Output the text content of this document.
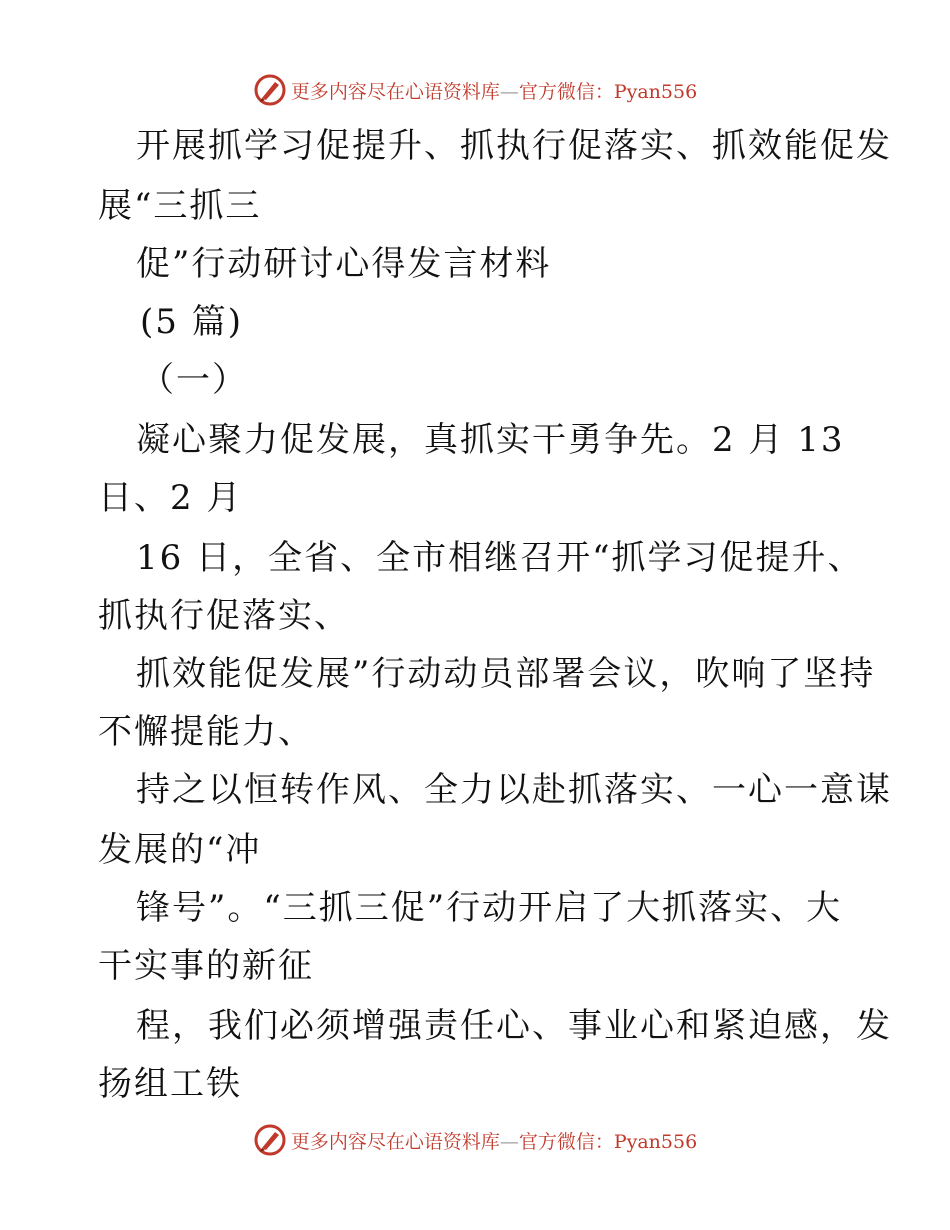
更多内容尽在心语资料库—官方微信：Pyan556
开展抓学习促提升、抓执行促落实、抓效能促发
展“三抓三
促”行动研讨心得发言材料
(5 篇)
（一）
凝心聚力促发展，真抓实干勇争先。2 月 13
日、2 月
16 日，全省、全市相继召开“抓学习促提升、
抓执行促落实、
抓效能促发展”行动动员部署会议，吹响了坚持
不懈提能力、
持之以恒转作风、全力以赴抓落实、一心一意谋
发展的“冲
锋号”。“三抓三促”行动开启了大抓落实、大
干实事的新征
程，我们必须增强责任心、事业心和紧迫感，发
扬组工铁
更多内容尽在心语资料库—官方微信：Pyan556
